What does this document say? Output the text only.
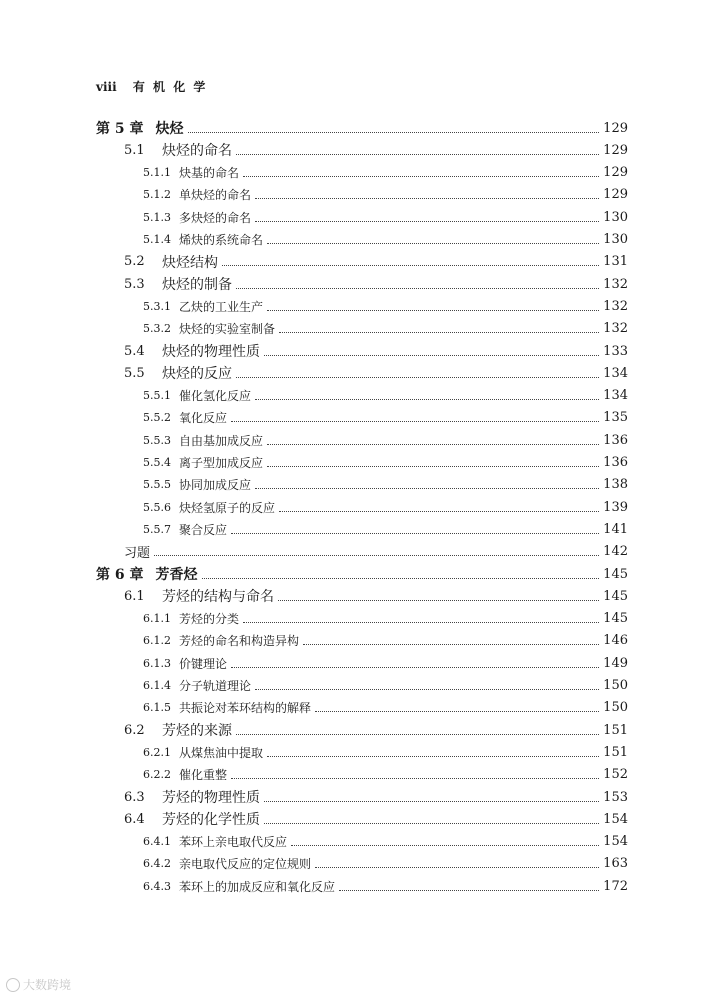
viii 有 机 化 学
第 5 章 炔烃	129
5.1	炔烃的命名	129
5.1.1 炔基的命名	129
5.1.2 单炔烃的命名	129
5.1.3 多炔烃的命名	130
5.1.4 烯炔的系统命名	130
5.2	炔烃结构	131
5.3	炔烃的制备	132
5.3.1 乙炔的工业生产	132
5.3.2 炔烃的实验室制备	132
5.4	炔烃的物理性质	133
5.5	炔烃的反应	134
5.5.1 催化氢化反应	134
5.5.2 氧化反应	135
5.5.3 自由基加成反应	136
5.5.4 离子型加成反应	136
5.5.5 协同加成反应	138
5.5.6 炔烃氢原子的反应	139
5.5.7 聚合反应	141
习题	142
第 6 章 芳香烃	145
6.1	芳烃的结构与命名	145
6.1.1 芳烃的分类	145
6.1.2 芳烃的命名和构造异构	146
6.1.3 价键理论	149
6.1.4 分子轨道理论	150
6.1.5 共振论对苯环结构的解释	150
6.2	芳烃的来源	151
6.2.1 从煤焦油中提取	151
6.2.2 催化重整	152
6.3	芳烃的物理性质	153
6.4	芳烃的化学性质	154
6.4.1 苯环上亲电取代反应	154
6.4.2 亲电取代反应的定位规则	163
6.4.3 苯环上的加成反应和氧化反应	172
大数跨境
